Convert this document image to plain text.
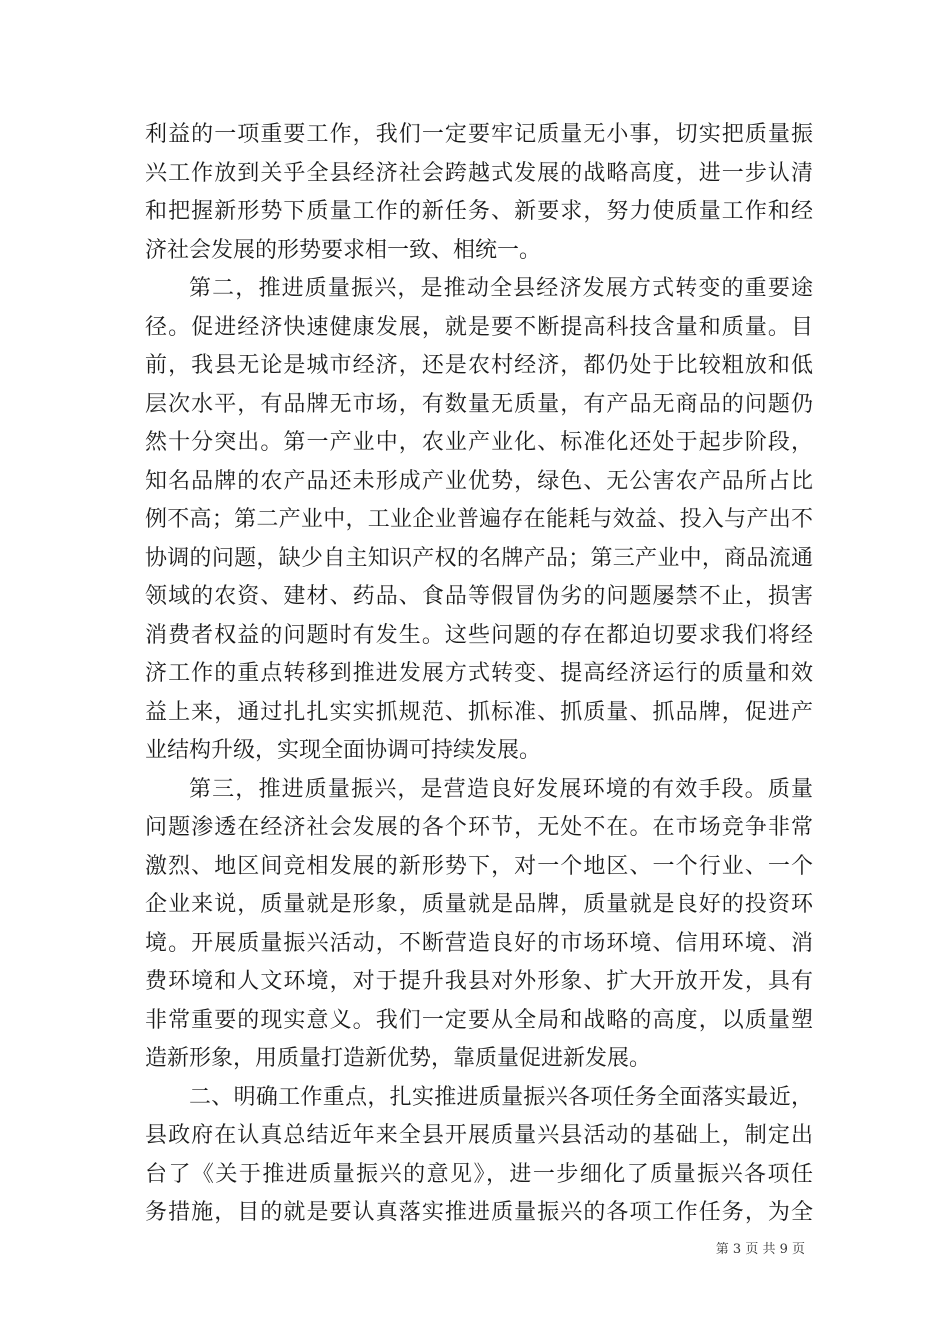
利益的一项重要工作，我们一定要牢记质量无小事，切实把质量振
兴工作放到关乎全县经济社会跨越式发展的战略高度，进一步认清
和把握新形势下质量工作的新任务、新要求，努力使质量工作和经
济社会发展的形势要求相一致、相统一。
第二，推进质量振兴，是推动全县经济发展方式转变的重要途
径。促进经济快速健康发展，就是要不断提高科技含量和质量。目
前，我县无论是城市经济，还是农村经济，都仍处于比较粗放和低
层次水平，有品牌无市场，有数量无质量，有产品无商品的问题仍
然十分突出。第一产业中，农业产业化、标准化还处于起步阶段，
知名品牌的农产品还未形成产业优势，绿色、无公害农产品所占比
例不高；第二产业中，工业企业普遍存在能耗与效益、投入与产出不
协调的问题，缺少自主知识产权的名牌产品；第三产业中，商品流通
领域的农资、建材、药品、食品等假冒伪劣的问题屡禁不止，损害
消费者权益的问题时有发生。这些问题的存在都迫切要求我们将经
济工作的重点转移到推进发展方式转变、提高经济运行的质量和效
益上来，通过扎扎实实抓规范、抓标准、抓质量、抓品牌，促进产
业结构升级，实现全面协调可持续发展。
第三，推进质量振兴，是营造良好发展环境的有效手段。质量
问题渗透在经济社会发展的各个环节，无处不在。在市场竞争非常
激烈、地区间竞相发展的新形势下，对一个地区、一个行业、一个
企业来说，质量就是形象，质量就是品牌，质量就是良好的投资环
境。开展质量振兴活动，不断营造良好的市场环境、信用环境、消
费环境和人文环境，对于提升我县对外形象、扩大开放开发，具有
非常重要的现实意义。我们一定要从全局和战略的高度，以质量塑
造新形象，用质量打造新优势，靠质量促进新发展。
二、明确工作重点，扎实推进质量振兴各项任务全面落实最近，
县政府在认真总结近年来全县开展质量兴县活动的基础上，制定出
台了《关于推进质量振兴的意见》，进一步细化了质量振兴各项任
务措施，目的就是要认真落实推进质量振兴的各项工作任务，为全
第 3 页 共 9 页
